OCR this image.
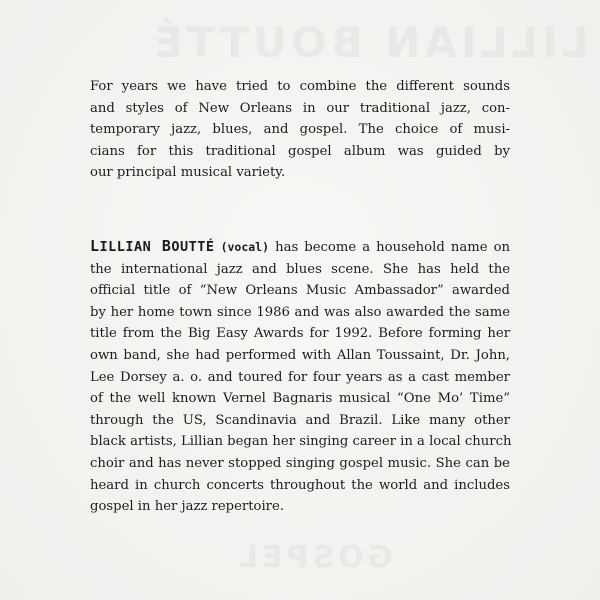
LILLIAN BOUTTÉ
GOSPEL
For years we have tried to combine the different sounds
and styles of New Orleans in our traditional jazz, con-
temporary jazz, blues, and gospel. The choice of musi-
cians for this traditional gospel album was guided by
our principal musical variety.
LILLIAN BOUTTÉ (vocal) has become a household name on
the international jazz and blues scene. She has held the
official title of “New Orleans Music Ambassador” awarded
by her home town since 1986 and was also awarded the same
title from the Big Easy Awards for 1992. Before forming her
own band, she had performed with Allan Toussaint, Dr. John,
Lee Dorsey a. o. and toured for four years as a cast member
of the well known Vernel Bagnaris musical “One Mo’ Time”
through the US, Scandinavia and Brazil. Like many other
black artists, Lillian began her singing career in a local church
choir and has never stopped singing gospel music. She can be
heard in church concerts throughout the world and includes
gospel in her jazz repertoire.
